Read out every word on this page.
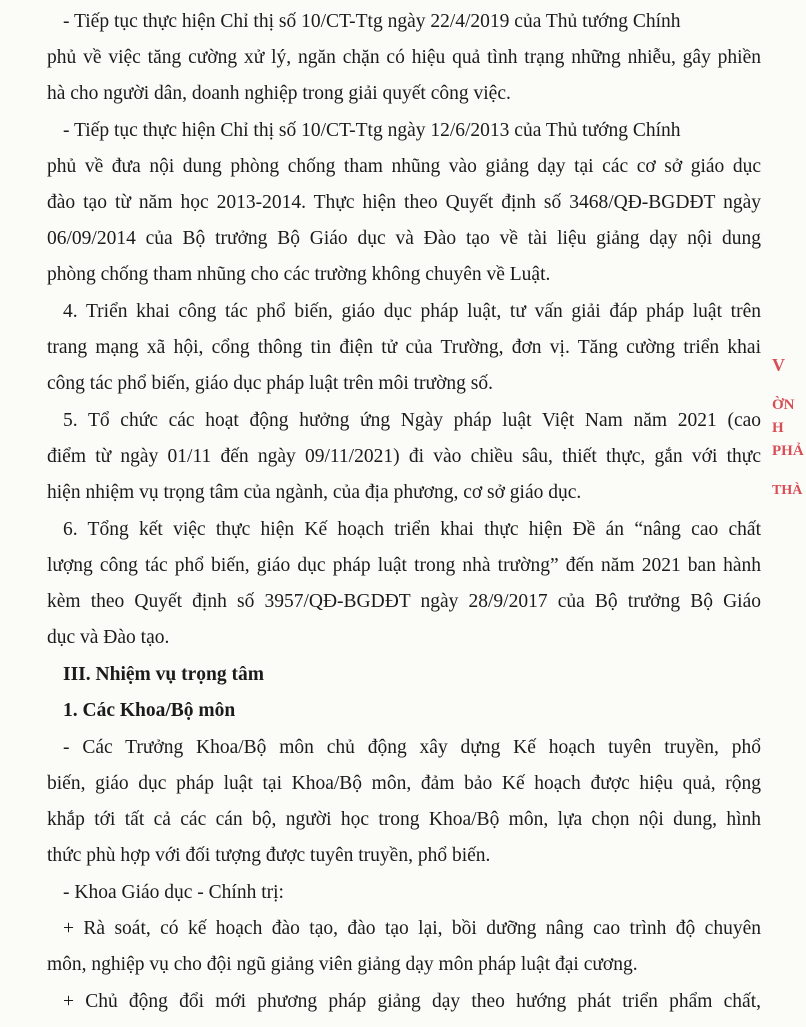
- Tiếp tục thực hiện Chỉ thị số 10/CT-Ttg ngày 22/4/2019 của Thủ tướng Chính
phủ về việc tăng cường xử lý, ngăn chặn có hiệu quả tình trạng những nhiễu, gây phiền
hà cho người dân, doanh nghiệp trong giải quyết công việc.
- Tiếp tục thực hiện Chỉ thị số 10/CT-Ttg ngày 12/6/2013 của Thủ tướng Chính
phủ về đưa nội dung phòng chống tham nhũng vào giảng dạy tại các cơ sở giáo dục
đào tạo từ năm học 2013-2014. Thực hiện theo Quyết định số 3468/QĐ-BGDĐT ngày
06/09/2014 của Bộ trưởng Bộ Giáo dục và Đào tạo về tài liệu giảng dạy nội dung
phòng chống tham nhũng cho các trường không chuyên về Luật.
4. Triển khai công tác phổ biến, giáo dục pháp luật, tư vấn giải đáp pháp luật trên
trang mạng xã hội, cổng thông tin điện tử của Trường, đơn vị. Tăng cường triển khai
công tác phổ biến, giáo dục pháp luật trên môi trường số.
5. Tổ chức các hoạt động hưởng ứng Ngày pháp luật Việt Nam năm 2021 (cao
điểm từ ngày 01/11 đến ngày 09/11/2021) đi vào chiều sâu, thiết thực, gắn với thực
hiện nhiệm vụ trọng tâm của ngành, của địa phương, cơ sở giáo dục.
6. Tổng kết việc thực hiện Kế hoạch triển khai thực hiện Đề án “nâng cao chất
lượng công tác phổ biến, giáo dục pháp luật trong nhà trường” đến năm 2021 ban hành
kèm theo Quyết định số 3957/QĐ-BGDĐT ngày 28/9/2017 của Bộ trưởng Bộ Giáo
dục và Đào tạo.
III. Nhiệm vụ trọng tâm
1. Các Khoa/Bộ môn
- Các Trưởng Khoa/Bộ môn chủ động xây dựng Kế hoạch tuyên truyền, phổ
biến, giáo dục pháp luật tại Khoa/Bộ môn, đảm bảo Kế hoạch được hiệu quả, rộng
khắp tới tất cả các cán bộ, người học trong Khoa/Bộ môn, lựa chọn nội dung, hình
thức phù hợp với đối tượng được tuyên truyền, phổ biến.
- Khoa Giáo dục - Chính trị:
+ Rà soát, có kế hoạch đào tạo, đào tạo lại, bồi dưỡng nâng cao trình độ chuyên
môn, nghiệp vụ cho đội ngũ giảng viên giảng dạy môn pháp luật đại cương.
+ Chủ động đổi mới phương pháp giảng dạy theo hướng phát triển phẩm chất,
V
ỜN
H
PHẢ
THÀ
